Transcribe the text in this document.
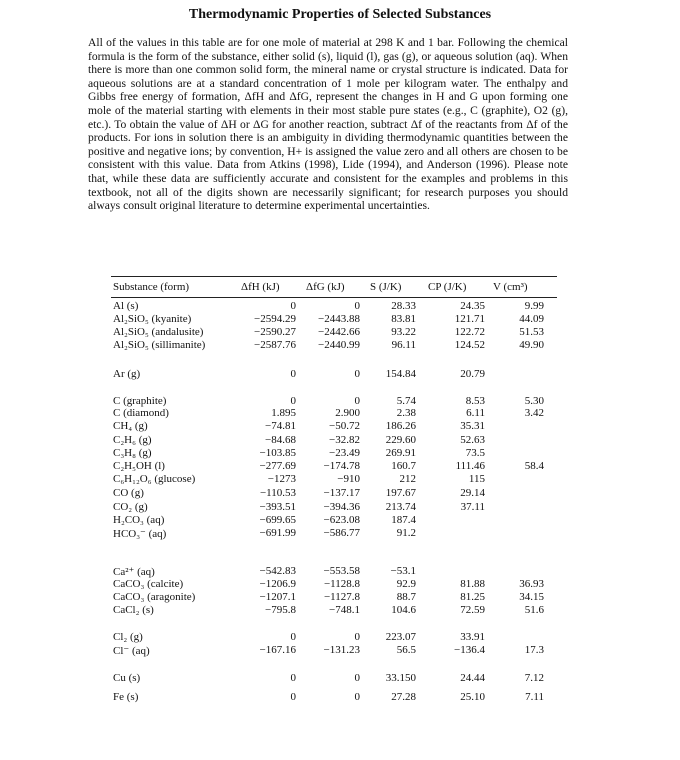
Thermodynamic Properties of Selected Substances

All of the values in this table are for one mole of material at 298 K and 1 bar. Following the chemical formula is the form of the substance, either solid (s), liquid (l), gas (g), or aqueous solution (aq). When there is more than one common solid form, the mineral name or crystal structure is indicated. Data for aqueous solutions are at a standard concentration of 1 mole per kilogram water. The enthalpy and Gibbs free energy of formation, ΔfH and ΔfG, represent the changes in H and G upon forming one mole of the material starting with elements in their most stable pure states (e.g., C (graphite), O2 (g), etc.). To obtain the value of ΔH or ΔG for another reaction, subtract Δf of the reactants from Δf of the products. For ions in solution there is an ambiguity in dividing thermodynamic quantities between the positive and negative ions; by convention, H+ is assigned the value zero and all others are chosen to be consistent with this value. Data from Atkins (1998), Lide (1994), and Anderson (1996). Please note that, while these data are sufficiently accurate and consistent for the examples and problems in this textbook, not all of the digits shown are necessarily significant; for research purposes you should always consult original literature to determine experimental uncertainties.

Substance (form)	ΔfH (kJ) ΔfG (kJ) S (J/K) CP (J/K) V (cm³)
Al (s)	0	0	28.33	24.35	9.99
Al₂SiO₅ (kyanite)	−2594.29 −2443.88	83.81	121.71	44.09
Al₂SiO₅ (andalusite)	−2590.27 −2442.66	93.22	122.72	51.53
Al₂SiO₅ (sillimanite)	−2587.76 −2440.99	96.11	124.52	49.90
Ar (g)	0	0 154.84	20.79
C (graphite)	0	0	5.74	8.53	5.30
C (diamond)	1.895	2.900	2.38	6.11	3.42
CH₄ (g)	−74.81	−50.72 186.26	35.31
C₂H₆ (g)	−84.68	−32.82 229.60	52.63
C₃H₈ (g)	−103.85	−23.49 269.91	73.5
C₂H₅OH (l)	−277.69	−174.78	160.7	111.46	58.4
C₆H₁₂O₆ (glucose)	−1273	−910	212	115
CO (g)	−110.53	−137.17 197.67	29.14
CO₂ (g)	−393.51	−394.36 213.74	37.11
H₂CO₃ (aq)	−699.65	−623.08	187.4
HCO₃⁻ (aq)	−691.99	−586.77	91.2
Ca²⁺ (aq)	−542.83	−553.58	−53.1
CaCO₃ (calcite)	−1206.9	−1128.8	92.9	81.88	36.93
CaCO₃ (aragonite)	−1207.1	−1127.8	88.7	81.25	34.15
CaCl₂ (s)	−795.8	−748.1	104.6	72.59	51.6
Cl₂ (g)	0	0 223.07	33.91
Cl⁻ (aq)	−167.16	−131.23	56.5	−136.4	17.3
Cu (s)	0	0 33.150	24.44	7.12
Fe (s)	0	0	27.28	25.10	7.11
